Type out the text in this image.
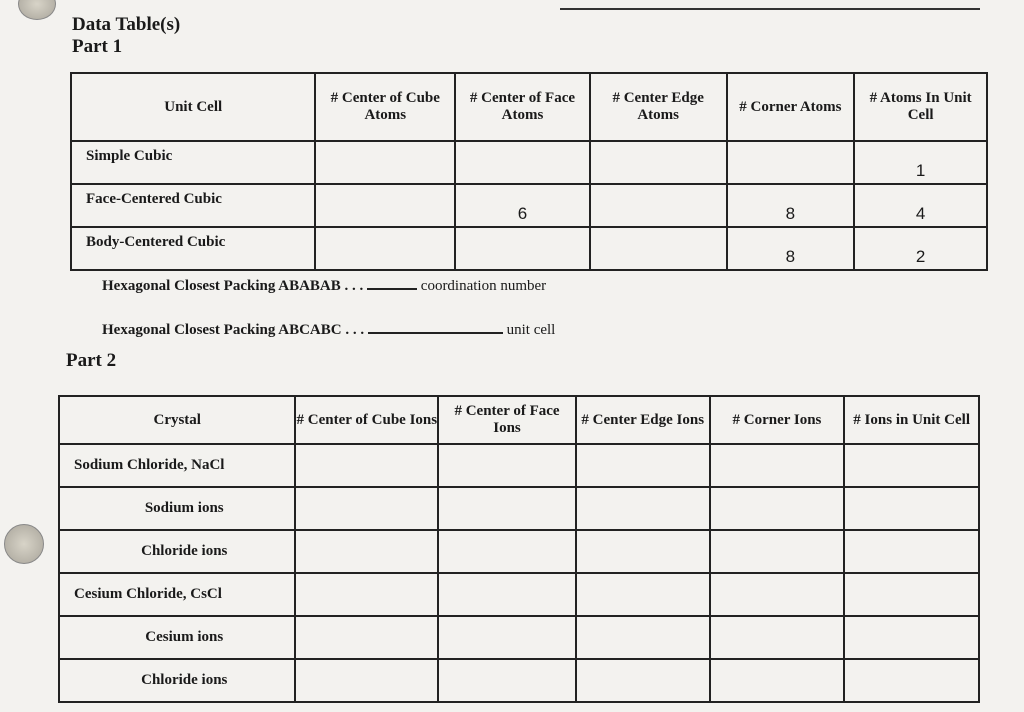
Data Table(s)
Part 1
Unit Cell	# Center of Cube Atoms	# Center of Face Atoms	# Center Edge Atoms	# Corner Atoms	# Atoms In Unit Cell
Simple Cubic					1
Face-Centered Cubic		6		8	4
Body-Centered Cubic				8	2
Hexagonal Closest Packing ABABAB . . .	coordination number
Hexagonal Closest Packing ABCABC . . .	unit cell
Part 2
Crystal	# Center of Cube Ions	# Center of Face Ions	# Center Edge Ions	# Corner Ions	# Ions in Unit Cell
Sodium Chloride, NaCl					
Sodium ions					
Chloride ions					
Cesium Chloride, CsCl					
Cesium ions					
Chloride ions					
